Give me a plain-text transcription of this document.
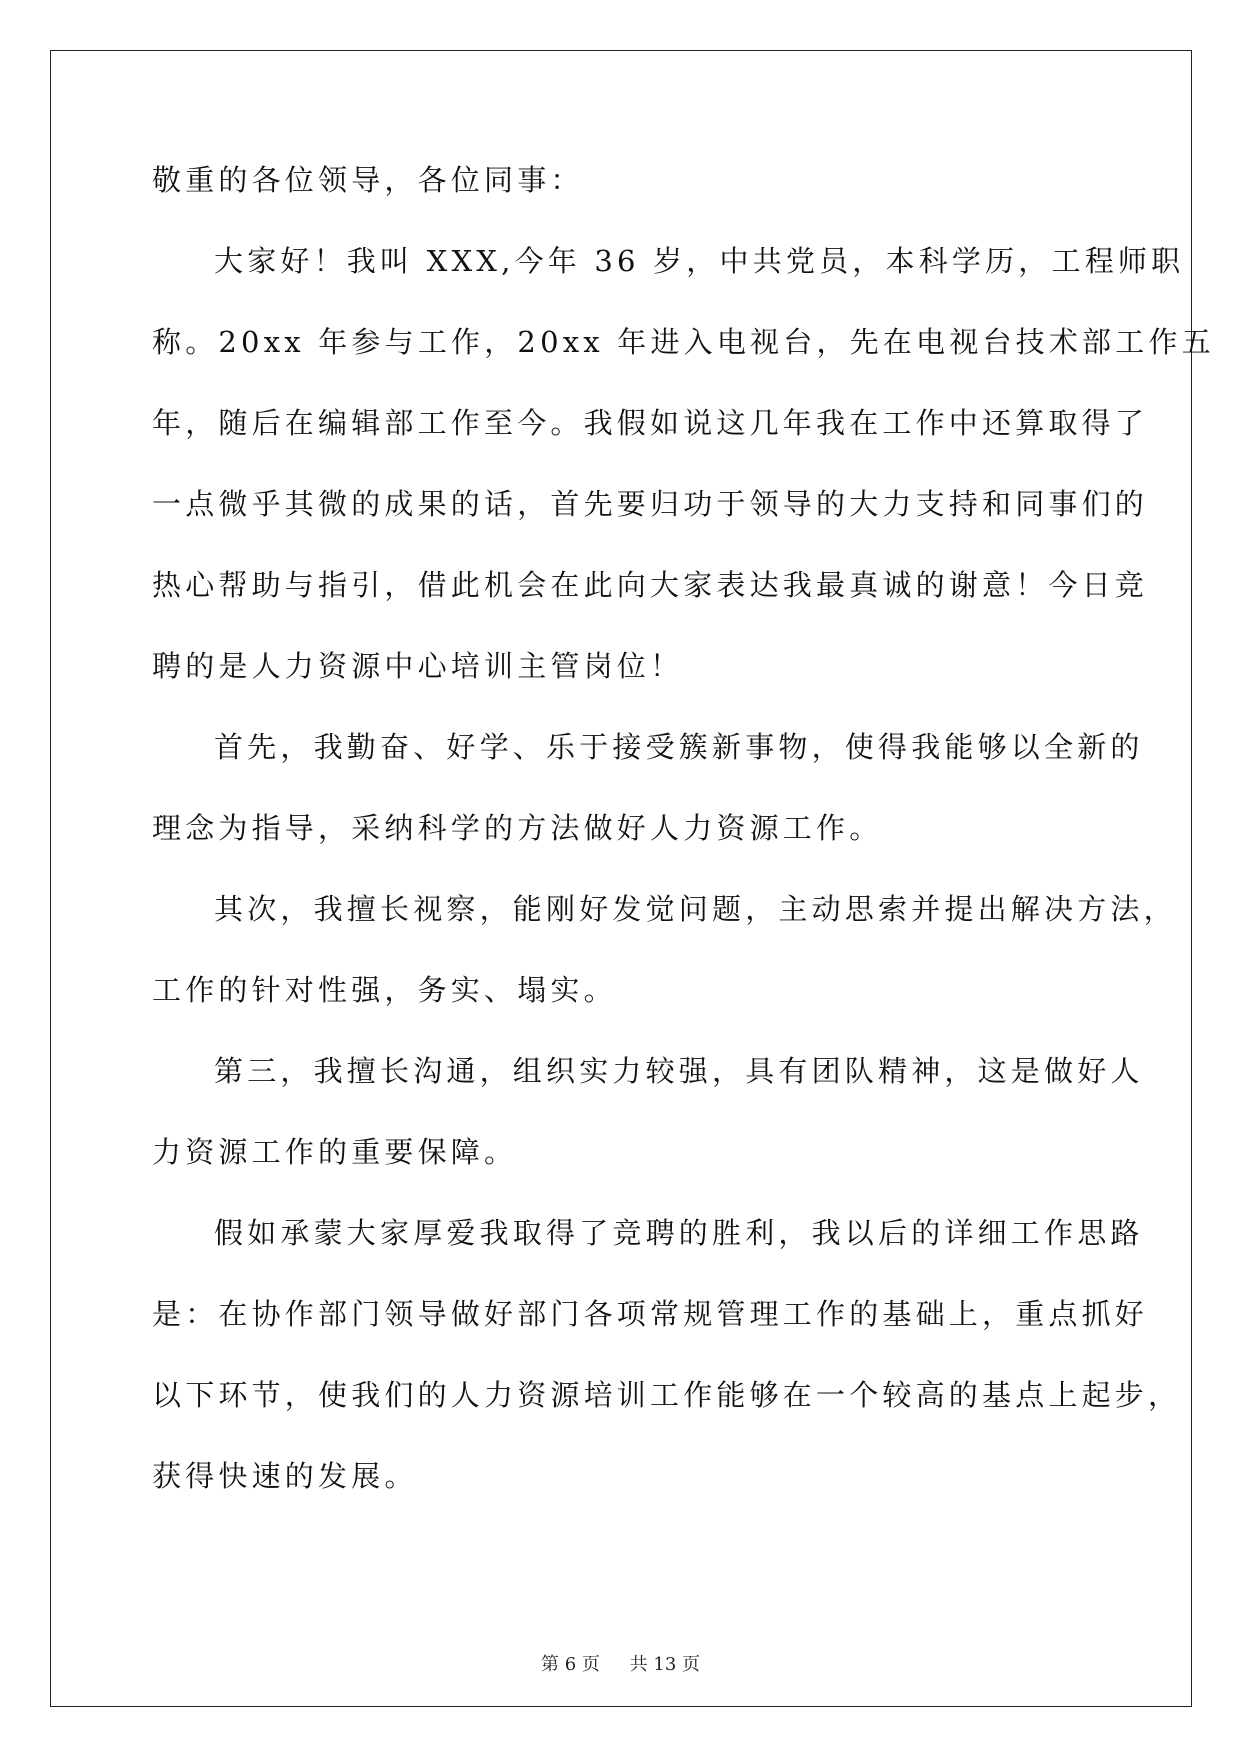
敬重的各位领导，各位同事：
大家好！我叫 XXX,今年 36 岁，中共党员，本科学历，工程师职
称。20xx 年参与工作，20xx 年进入电视台，先在电视台技术部工作五
年，随后在编辑部工作至今。我假如说这几年我在工作中还算取得了
一点微乎其微的成果的话，首先要归功于领导的大力支持和同事们的
热心帮助与指引，借此机会在此向大家表达我最真诚的谢意！今日竞
聘的是人力资源中心培训主管岗位！
首先，我勤奋、好学、乐于接受簇新事物，使得我能够以全新的
理念为指导，采纳科学的方法做好人力资源工作。
其次，我擅长视察，能刚好发觉问题，主动思索并提出解决方法，
工作的针对性强，务实、塌实。
第三，我擅长沟通，组织实力较强，具有团队精神，这是做好人
力资源工作的重要保障。
假如承蒙大家厚爱我取得了竞聘的胜利，我以后的详细工作思路
是：在协作部门领导做好部门各项常规管理工作的基础上，重点抓好
以下环节，使我们的人力资源培训工作能够在一个较高的基点上起步，
获得快速的发展。
第 6 页 共 13 页
